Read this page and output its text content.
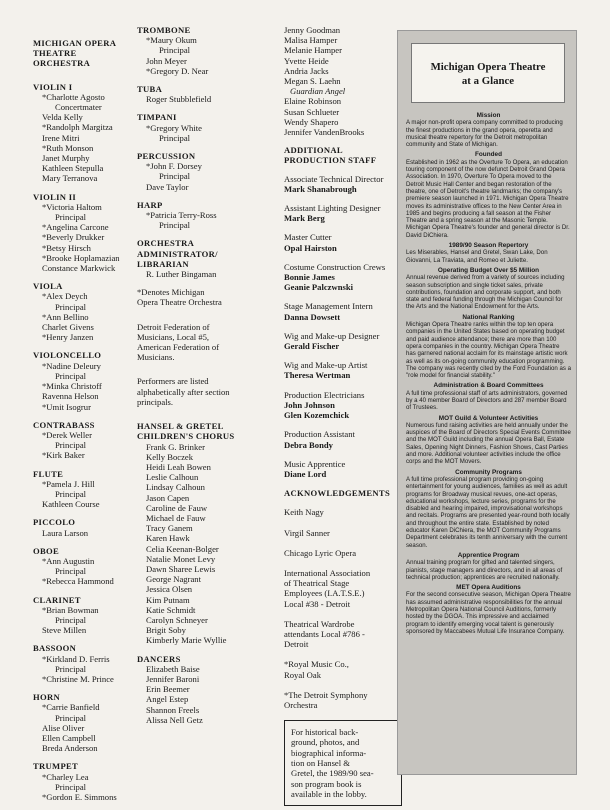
MICHIGAN OPERA
THEATRE ORCHESTRA
VIOLIN I
*Charlotte Agosto
Concertmater
Velda Kelly
*Randolph Margitza
Irene Mitri
*Ruth Monson
Janet Murphy
Kathleen Stepulla
Mary Terranova
VIOLIN II
*Victoria Haltom
Principal
*Angelina Carcone
*Beverly Drukker
*Betsy Hirsch
*Brooke Hoplamazian
Constance Markwick
VIOLA
*Alex Deych
Principal
*Ann Bellino
Charlet Givens
*Henry Janzen
VIOLONCELLO
*Nadine Deleury
Principal
*Minka Christoff
Ravenna Helson
*Umit Isogrur
CONTRABASS
*Derek Weller
Principal
*Kirk Baker
FLUTE
*Pamela J. Hill
Principal
Kathleen Course
PICCOLO
Laura Larson
OBOE
*Ann Augustin
Principal
*Rebecca Hammond
CLARINET
*Brian Bowman
Principal
Steve Millen
BASSOON
*Kirkland D. Ferris
Principal
*Christine M. Prince
HORN
*Carrie Banfield
Principal
Alise Oliver
Ellen Campbell
Breda Anderson
TRUMPET
*Charley Lea
Principal
*Gordon E. Simmons
TROMBONE
*Maury Okum
Principal
John Meyer
*Gregory D. Near
TUBA
Roger Stubblefield
TIMPANI
*Gregory White
Principal
PERCUSSION
*John F. Dorsey
Principal
Dave Taylor
HARP
*Patricia Terry-Ross
Principal
ORCHESTRA ADMINISTRATOR/ LIBRARIAN
R. Luther Bingaman
*Denotes Michigan
Opera Theatre Orchestra
Detroit Federation of
Musicians, Local #5,
American Federation of
Musicians.
Performers are listed
alphabetically after section
principals.
HANSEL & GRETEL
CHILDREN'S CHORUS
Frank G. Brinker
Kelly Boczek
Heidi Leah Bowen
Leslie Calhoun
Lindsay Calhoun
Jason Capen
Caroline de Fauw
Michael de Fauw
Tracy Ganem
Karen Hawk
Celia Keenan-Bolger
Natalie Monet Levy
Dawn Sharee Lewis
George Nagrant
Jessica Olsen
Kim Putnam
Katie Schmidt
Carolyn Schneyer
Brigit Soby
Kimberly Marie Wyllie
DANCERS
Elizabeth Baise
Jennifer Baroni
Erin Beemer
Angel Estep
Shannon Freels
Alissa Nell Getz
Jenny Goodman
Malisa Hamper
Melanie Hamper
Yvette Heide
Andria Jacks
Megan S. Laehn
Guardian Angel
Elaine Robinson
Susan Schlueter
Wendy Shapero
Jennifer VandenBrooks
ADDITIONAL
PRODUCTION STAFF
Associate Technical Director
Mark Shanabrough
Assistant Lighting Designer
Mark Berg
Master Cutter
Opal Hairston
Costume Construction Crews
Bonnie James
Geanie Palczwnski
Stage Management Intern
Danna Dowsett
Wig and Make-up Designer
Gerald Fischer
Wig and Make-up Artist
Theresa Wertman
Production Electricians
John Johnson
Glen Kozemchick
Production Assistant
Debra Bondy
Music Apprentice
Diane Lord
ACKNOWLEDGEMENTS
Keith Nagy
Virgil Sanner
Chicago Lyric Opera
International Association
of Theatrical Stage
Employees (I.A.T.S.E.)
Local #38 - Detroit
Theatrical Wardrobe
attendants Local #786 -
Detroit
*Royal Music Co.,
Royal Oak
*The Detroit Symphony
Orchestra
For historical back-
ground, photos, and
biographical informa-
tion on Hansel &
Gretel, the 1989/90 sea-
son program book is
available in the lobby.
Michigan Opera Theatre
at a Glance
Mission
A major non-profit opera company committed to producing the finest productions in the grand opera, operetta and musical theatre repertory for the Detroit metropolitan community and State of Michigan.
Founded
Established in 1962 as the Overture To Opera, an education touring component of the now defunct Detroit Grand Opera Association. In 1970, Overture To Opera moved to the Detroit Music Hall Center and began restoration of the theatre, one of Detroit's theatre landmarks; the company's premiere season launched in 1971. Michigan Opera Theatre moves its administrative offices to the New Center Area in 1985 and begins producing a fall season at the Fisher Theatre and a spring season at the Masonic Temple. Michigan Opera Theatre's founder and general director is Dr. David DiChiera.
1989/90 Season Repertory
Les Miserables, Hansel and Gretel, Swan Lake, Don Giovanni, La Traviata, and Romeo et Juliette.
Operating Budget Over $5 Million
Annual revenue derived from a variety of sources including season subscription and single ticket sales, private contributions, foundation and corporate support, and both state and federal funding through the Michigan Council for the Arts and the National Endowment for the Arts.
National Ranking
Michigan Opera Theatre ranks within the top ten opera companies in the United States based on operating budget and paid audience attendance; there are more than 100 opera companies in the country. Michigan Opera Theatre has garnered national acclaim for its mainstage artistic work as well as its on-going community education programming. The company was recently cited by the Ford Foundation as a "role model for financial stability."
Administration & Board Committees
A full time professional staff of arts administrators, governed by a 40 member Board of Directors and 287 member Board of Trustees.
MOT Guild & Volunteer Activities
Numerous fund raising activities are held annually under the auspices of the Board of Directors Special Events Committee and the MOT Guild including the annual Opera Ball, Estate Sales, Opening Night Dinners, Fashion Shows, Cast Parties and more. Additional volunteer activities include the office corps and the MOT Movers.
Community Programs
A full time professional program providing on-going entertainment for young audiences, families as well as adult programs for Broadway musical revues, one-act operas, educational workshops, lecture series, programs for the disabled and hearing impaired, improvisational workshops and recitals. Programs are presented year-round both locally and throughout the entire state. Established by noted educator Karen DiChiera, the MOT Community Programs Department celebrates its tenth anniversary with the current season.
Apprentice Program
Annual training program for gifted and talented singers, pianists, stage managers and directors, and in all areas of technical production; apprentices are recruited nationally.
MET Opera Auditions
For the second consecutive season, Michigan Opera Theatre has assumed administrative responsibilities for the annual Metropolitan Opera National Council Auditions, formerly hosted by the DGOA. This impressive and acclaimed program to identify emerging vocal talent is generously sponsored by Maccabees Mutual Life Insurance Company.
